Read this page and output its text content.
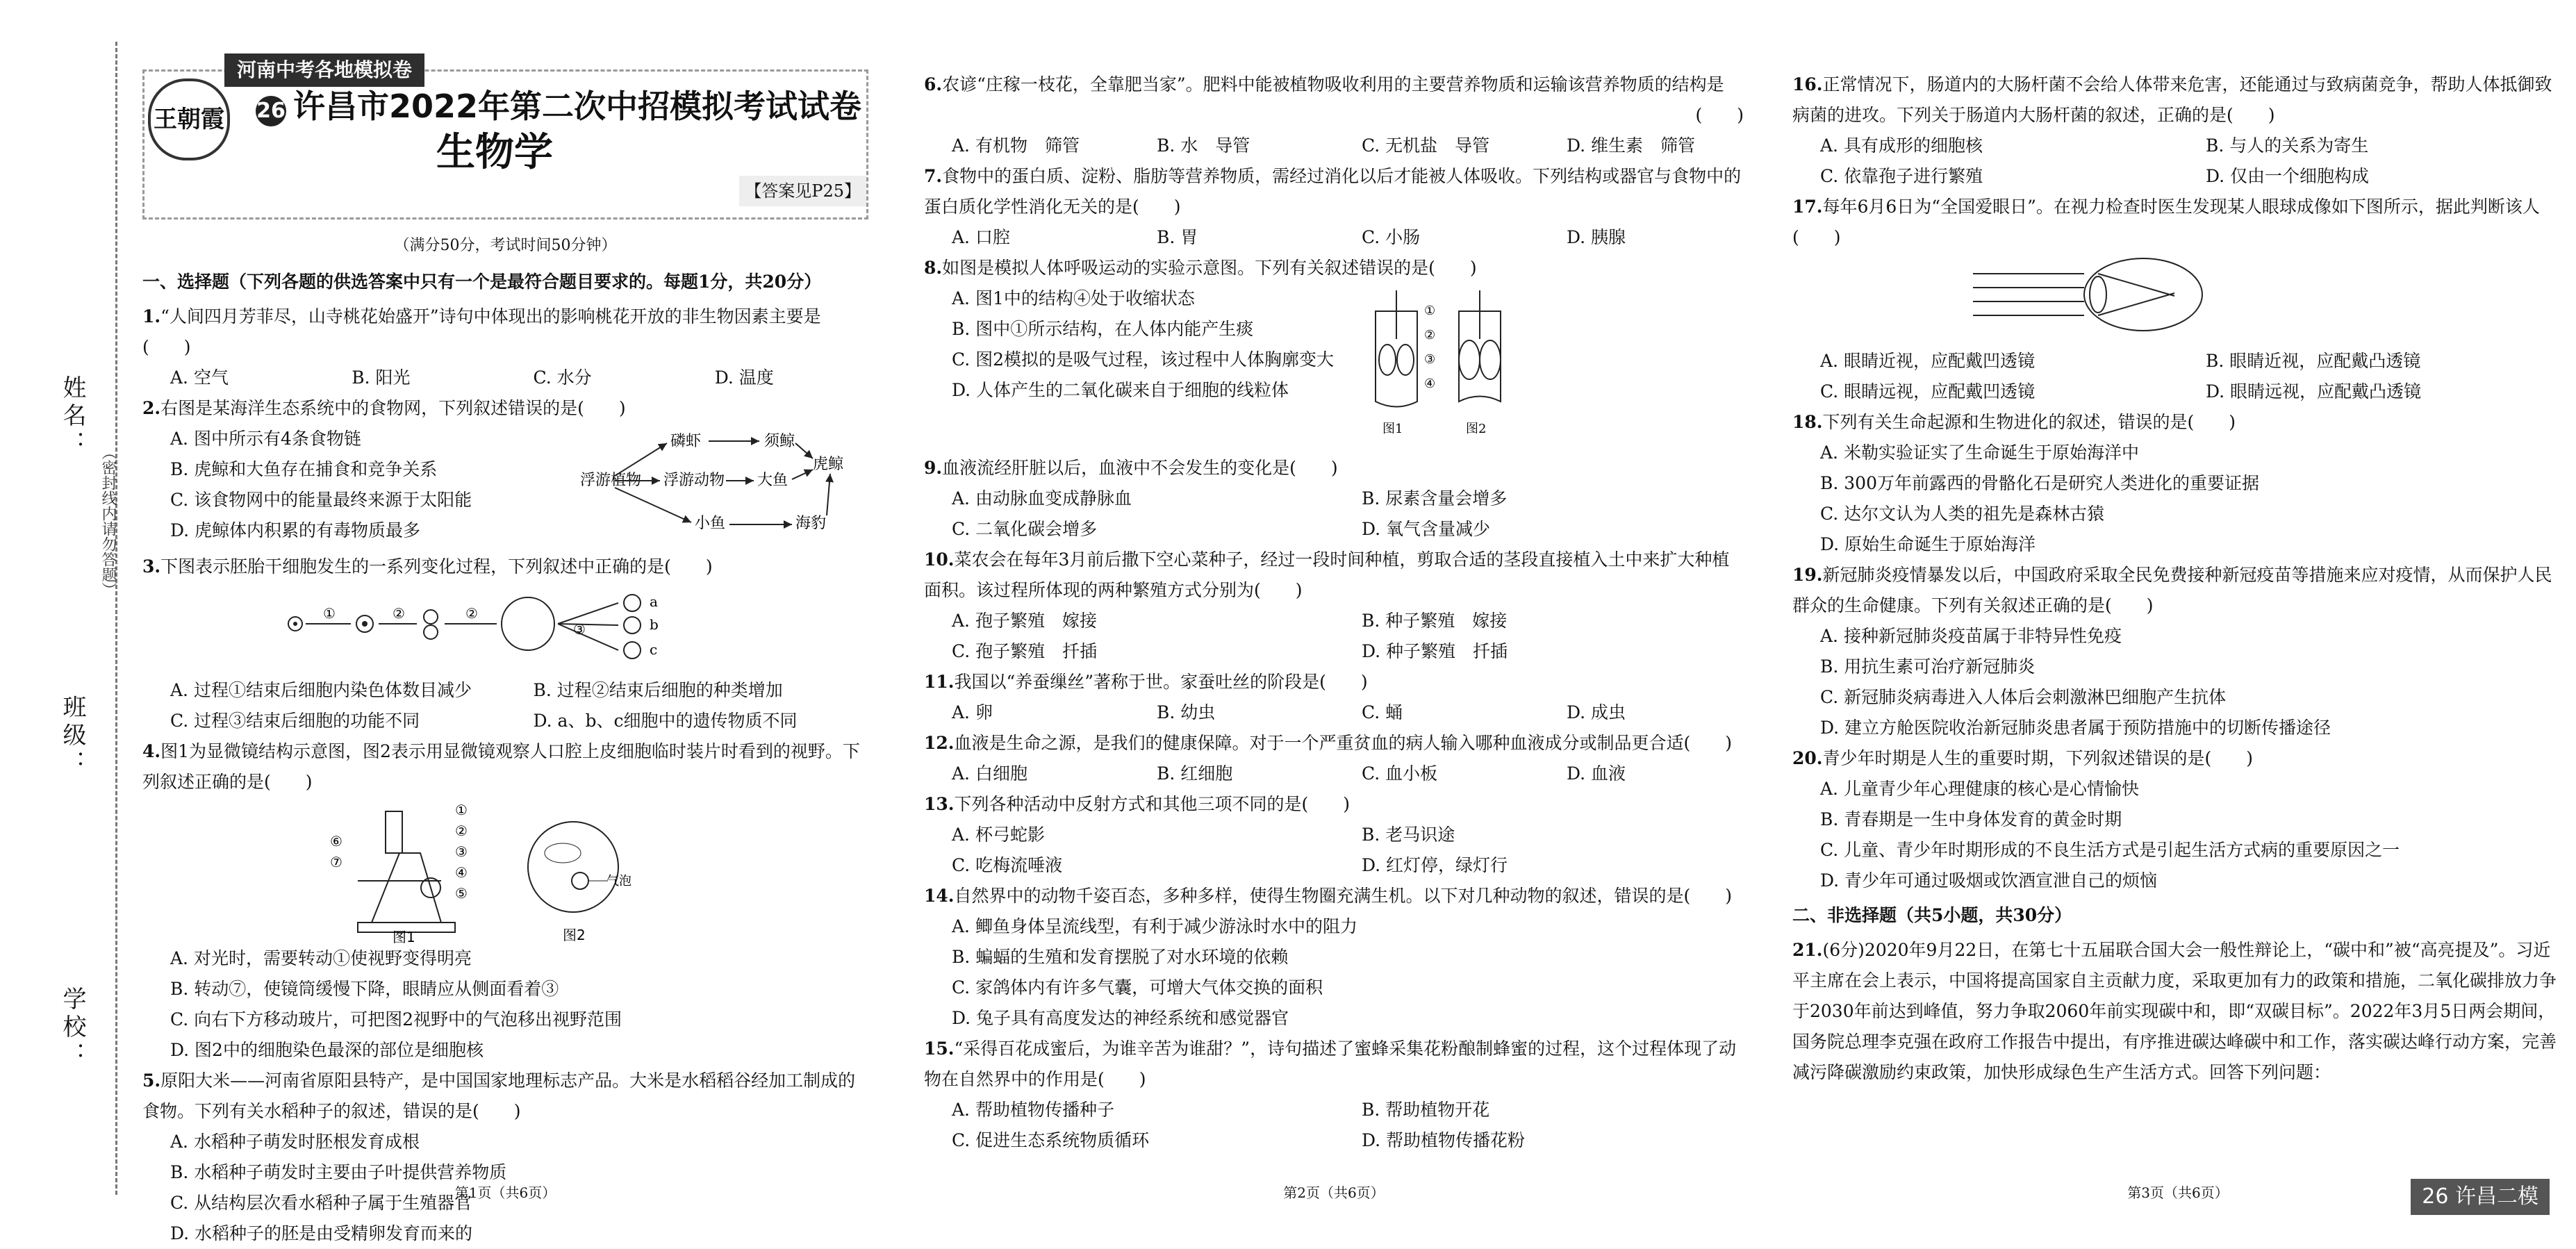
姓名：
班级：
学校：
（密封线内请勿答题）
河南中考各地模拟卷
王朝霞 26 许昌市2022年第二次中招模拟考试试卷
生物学
【答案见P25】
（满分50分，考试时间50分钟）
一、选择题（下列各题的供选答案中只有一个是最符合题目要求的。每题1分，共20分）

1.“人间四月芳菲尽，山寺桃花始盛开”诗句中体现出的影响桃花开放的非生物因素主要是(　　)

A. 空气	B. 阳光	C. 水分	D. 温度

2.右图是某海洋生态系统中的食物网，下列叙述错误的是(　　)

A. 图中所示有4条食物链
B. 虎鲸和大鱼存在捕食和竞争关系
C. 该食物网中的能量最终来源于太阳能
D. 虎鲸体内积累的有毒物质最多
磷虾	须鲸
浮游植物 浮游动物 大鱼
虎鲸
小鱼	海豹

3.下图表示胚胎干细胞发生的一系列变化过程，下列叙述中正确的是(　　)

①	②	②
③
a
b
c
A. 过程①结束后细胞内染色体数目减少	B. 过程②结束后细胞的种类增加
C. 过程③结束后细胞的功能不同	D. a、b、c细胞中的遗传物质不同

4.图1为显微镜结构示意图，图2表示用显微镜观察人口腔上皮细胞临时装片时看到的视野。下列叙述正确的是(　　)

①
②
③
④
⑤
⑥
⑦
图1
气泡
图2
A. 对光时，需要转动①使视野变得明亮
B. 转动⑦，使镜筒缓慢下降，眼睛应从侧面看着③
C. 向右下方移动玻片，可把图2视野中的气泡移出视野范围
D. 图2中的细胞染色最深的部位是细胞核

5.原阳大米——河南省原阳县特产，是中国国家地理标志产品。大米是水稻稻谷经加工制成的食物。下列有关水稻种子的叙述，错误的是(　　)

A. 水稻种子萌发时胚根发育成根
B. 水稻种子萌发时主要由子叶提供营养物质
C. 从结构层次看水稻种子属于生殖器官
D. 水稻种子的胚是由受精卵发育而来的
第1页（共6页）

6.农谚“庄稼一枝花，全靠肥当家”。肥料中能被植物吸收利用的主要营养物质和运输该营养物质的结构是

(　　)
A. 有机物　筛管	B. 水　导管	C. 无机盐　导管	D. 维生素　筛管

7.食物中的蛋白质、淀粉、脂肪等营养物质，需经过消化以后才能被人体吸收。下列结构或器官与食物中的蛋白质化学性消化无关的是(　　)

A. 口腔	B. 胃	C. 小肠	D. 胰腺

8.如图是模拟人体呼吸运动的实验示意图。下列有关叙述错误的是(　　)

A. 图1中的结构④处于收缩状态
B. 图中①所示结构，在人体内能产生痰
C. 图2模拟的是吸气过程，该过程中人体胸廓变大
D. 人体产生的二氧化碳来自于细胞的线粒体
①
②
③
④
图1	图2

9.血液流经肝脏以后，血液中不会发生的变化是(　　)

A. 由动脉血变成静脉血	B. 尿素含量会增多
C. 二氧化碳会增多	D. 氧气含量减少

10.菜农会在每年3月前后撒下空心菜种子，经过一段时间种植，剪取合适的茎段直接植入土中来扩大种植面积。该过程所体现的两种繁殖方式分别为(　　)

A. 孢子繁殖　嫁接	B. 种子繁殖　嫁接
C. 孢子繁殖　扦插	D. 种子繁殖　扦插

11.我国以“养蚕缫丝”著称于世。家蚕吐丝的阶段是(　　)

A. 卵	B. 幼虫	C. 蛹	D. 成虫

12.血液是生命之源，是我们的健康保障。对于一个严重贫血的病人输入哪种血液成分或制品更合适(　　)

A. 白细胞	B. 红细胞	C. 血小板	D. 血液

13.下列各种活动中反射方式和其他三项不同的是(　　)

A. 杯弓蛇影	B. 老马识途
C. 吃梅流唾液	D. 红灯停，绿灯行

14.自然界中的动物千姿百态，多种多样，使得生物圈充满生机。以下对几种动物的叙述，错误的是(　　)

A. 鲫鱼身体呈流线型，有利于减少游泳时水中的阻力
B. 蝙蝠的生殖和发育摆脱了对水环境的依赖
C. 家鸽体内有许多气囊，可增大气体交换的面积
D. 兔子具有高度发达的神经系统和感觉器官

15.“采得百花成蜜后，为谁辛苦为谁甜？”，诗句描述了蜜蜂采集花粉酿制蜂蜜的过程，这个过程体现了动物在自然界中的作用是(　　)

A. 帮助植物传播种子	B. 帮助植物开花
C. 促进生态系统物质循环	D. 帮助植物传播花粉
第2页（共6页）

16.正常情况下，肠道内的大肠杆菌不会给人体带来危害，还能通过与致病菌竞争，帮助人体抵御致病菌的进攻。下列关于肠道内大肠杆菌的叙述，正确的是(　　)

A. 具有成形的细胞核	B. 与人的关系为寄生
C. 依靠孢子进行繁殖	D. 仅由一个细胞构成

17.每年6月6日为“全国爱眼日”。在视力检查时医生发现某人眼球成像如下图所示，据此判断该人(　　)

A. 眼睛近视，应配戴凹透镜	B. 眼睛近视，应配戴凸透镜
C. 眼睛远视，应配戴凹透镜	D. 眼睛远视，应配戴凸透镜

18.下列有关生命起源和生物进化的叙述，错误的是(　　)

A. 米勒实验证实了生命诞生于原始海洋中
B. 300万年前露西的骨骼化石是研究人类进化的重要证据
C. 达尔文认为人类的祖先是森林古猿
D. 原始生命诞生于原始海洋

19.新冠肺炎疫情暴发以后，中国政府采取全民免费接种新冠疫苗等措施来应对疫情，从而保护人民群众的生命健康。下列有关叙述正确的是(　　)

A. 接种新冠肺炎疫苗属于非特异性免疫
B. 用抗生素可治疗新冠肺炎
C. 新冠肺炎病毒进入人体后会刺激淋巴细胞产生抗体
D. 建立方舱医院收治新冠肺炎患者属于预防措施中的切断传播途径

20.青少年时期是人生的重要时期，下列叙述错误的是(　　)

A. 儿童青少年心理健康的核心是心情愉快
B. 青春期是一生中身体发育的黄金时期
C. 儿童、青少年时期形成的不良生活方式是引起生活方式病的重要原因之一
D. 青少年可通过吸烟或饮酒宣泄自己的烦恼
二、非选择题（共5小题，共30分）

21.(6分)2020年9月22日，在第七十五届联合国大会一般性辩论上，“碳中和”被“高亮提及”。习近平主席在会上表示，中国将提高国家自主贡献力度，采取更加有力的政策和措施，二氧化碳排放力争于2030年前达到峰值，努力争取2060年前实现碳中和，即“双碳目标”。2022年3月5日两会期间，国务院总理李克强在政府工作报告中提出，有序推进碳达峰碳中和工作，落实碳达峰行动方案，完善减污降碳激励约束政策，加快形成绿色生产生活方式。回答下列问题：

第3页（共6页）	26 许昌二模
